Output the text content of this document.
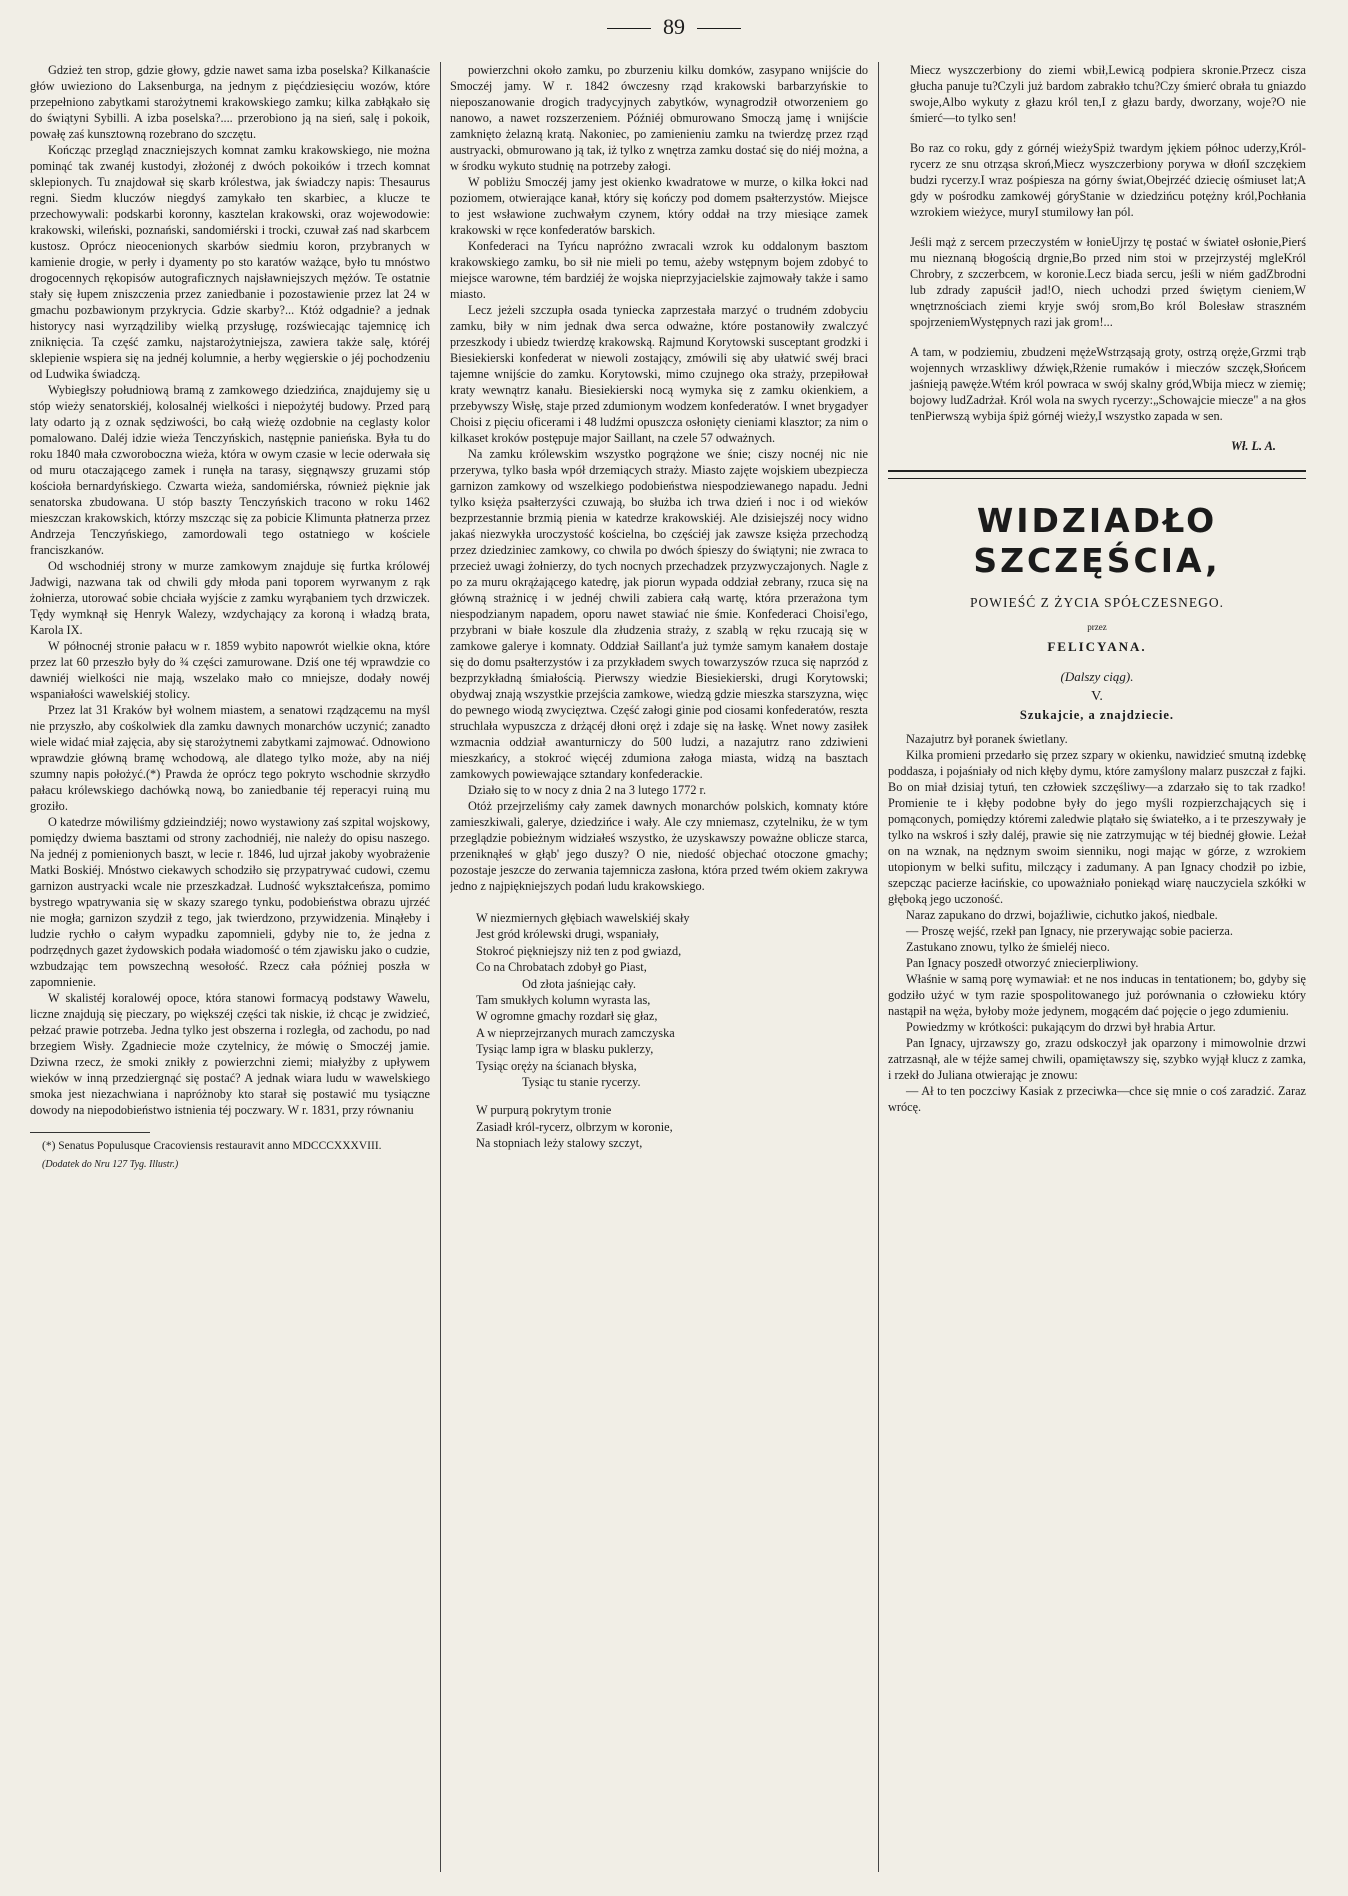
89

Gdzież ten strop, gdzie głowy, gdzie nawet sama izba poselska? Kilkanaście głów uwieziono do Laksenburga, na jednym z pięćdziesięciu wozów, które przepełniono zabytkami starożytnemi krakowskiego zamku; kilka zabłąkało się do świątyni Sybilli. A izba poselska?.... przerobiono ją na sień, salę i pokoik, powałę zaś kunsztowną rozebrano do szczętu.

Kończąc przegląd znaczniejszych komnat zamku krakowskiego, nie można pominąć tak zwanéj kustodyi, złożonéj z dwóch pokoików i trzech komnat sklepionych. Tu znajdował się skarb królestwa, jak świadczy napis: Thesaurus regni. Siedm kluczów niegdyś zamykało ten skarbiec, a klucze te przechowywali: podskarbi koronny, kasztelan krakowski, oraz wojewodowie: krakowski, wileński, poznański, sandomiérski i trocki, czuwał zaś nad skarbcem kustosz. Oprócz nieocenionych skarbów siedmiu koron, przybranych w kamienie drogie, w perły i dyamenty po sto karatów ważące, było tu mnóstwo drogocennych rękopisów autograficznych najsławniejszych mężów. Te ostatnie stały się łupem zniszczenia przez zaniedbanie i pozostawienie przez lat 24 w gmachu pozbawionym przykrycia. Gdzie skarby?... Któż odgadnie? a jednak historycy nasi wyrządziliby wielką przysługę, rozświecając tajemnicę ich zniknięcia. Ta część zamku, najstarożytniejsza, zawiera także salę, któréj sklepienie wspiera się na jednéj kolumnie, a herby węgierskie o jéj pochodzeniu od Ludwika świadczą.

Wybiegłszy południową bramą z zamkowego dziedzińca, znajdujemy się u stóp wieży senatorskiéj, kolosalnéj wielkości i niepożytéj budowy. Przed parą laty odarto ją z oznak sędziwości, bo całą wieżę ozdobnie na ceglasty kolor pomalowano. Daléj idzie wieża Tenczyńskich, następnie panieńska. Była tu do roku 1840 mała czworoboczna wieża, która w owym czasie w lecie oderwała się od muru otaczającego zamek i runęła na tarasy, sięgnąwszy gruzami stóp kościoła bernardyńskiego. Czwarta wieża, sandomiérska, również pięknie jak senatorska zbudowana. U stóp baszty Tenczyńskich tracono w roku 1462 mieszczan krakowskich, którzy mszcząc się za pobicie Klimunta płatnerza przez Andrzeja Tenczyńskiego, zamordowali tego ostatniego w kościele franciszkanów.

Od wschodniéj strony w murze zamkowym znajduje się furtka królowéj Jadwigi, nazwana tak od chwili gdy młoda pani toporem wyrwanym z rąk żołnierza, utorować sobie chciała wyjście z zamku wyrąbaniem tych drzwiczek. Tędy wymknął się Henryk Walezy, wzdychający za koroną i władzą brata, Karola IX.

W północnéj stronie pałacu w r. 1859 wybito napowrót wielkie okna, które przez lat 60 przeszło były do ¾ części zamurowane. Dziś one téj wprawdzie co dawniéj wielkości nie mają, wszelako mało co mniejsze, dodały nowéj wspaniałości wawelskiéj stolicy.

Przez lat 31 Kraków był wolnem miastem, a senatowi rządzącemu na myśl nie przyszło, aby cośkolwiek dla zamku dawnych monarchów uczynić; zanadto wiele widać miał zajęcia, aby się starożytnemi zabytkami zajmować. Odnowiono wprawdzie główną bramę wchodową, ale dlatego tylko może, aby na niéj szumny napis położyć.(*) Prawda że oprócz tego pokryto wschodnie skrzydło pałacu królewskiego dachówką nową, bo zaniedbanie téj reperacyi ruiną mu groziło.

O katedrze mówiliśmy gdzieindziéj; nowo wystawiony zaś szpital wojskowy, pomiędzy dwiema basztami od strony zachodniéj, nie należy do opisu naszego. Na jednéj z pomienionych baszt, w lecie r. 1846, lud ujrzał jakoby wyobrażenie Matki Boskiéj. Mnóstwo ciekawych schodziło się przypatrywać cudowi, czemu garnizon austryacki wcale nie przeszkadzał. Ludność wykształceńsza, pomimo bystrego wpatrywania się w skazy szarego tynku, podobieństwa obrazu ujrzéć nie mogła; garnizon szydził z tego, jak twierdzono, przywidzenia. Minąłeby i ludzie rychło o całym wypadku zapomnieli, gdyby nie to, że jedna z podrzędnych gazet żydowskich podała wiadomość o tém zjawisku jako o cudzie, wzbudzając tem powszechną wesołość. Rzecz cała później poszła w zapomnienie.

W skalistéj koralowéj opoce, która stanowi formacyą podstawy Wawelu, liczne znajdują się pieczary, po większéj części tak niskie, iż chcąc je zwidzieć, pełzać prawie potrzeba. Jedna tylko jest obszerna i rozległa, od zachodu, po nad brzegiem Wisły. Zgadniecie może czytelnicy, że mówię o Smoczéj jamie. Dziwna rzecz, że smoki znikły z powierzchni ziemi; miałyżby z upływem wieków w inną przedziergnąć się postać? A jednak wiara ludu w wawelskiego smoka jest niezachwiana i napróżnoby kto starał się postawić mu tysiączne dowody na niepodobieństwo istnienia téj poczwary. W r. 1831, przy równaniu

(*) Senatus Populusque Cracoviensis restauravit anno MDCCCXXXVIII.

(Dodatek do Nru 127 Tyg. Illustr.)

powierzchni około zamku, po zburzeniu kilku domków, zasypano wnijście do Smoczéj jamy. W r. 1842 ówczesny rząd krakowski barbarzyńskie to nieposzanowanie drogich tradycyjnych zabytków, wynagrodził otworzeniem go nanowo, a nawet rozszerzeniem. Późniéj obmurowano Smoczą jamę i wnijście zamknięto żelazną kratą. Nakoniec, po zamienieniu zamku na twierdzę przez rząd austryacki, obmurowano ją tak, iż tylko z wnętrza zamku dostać się do niéj można, a w środku wykuto studnię na potrzeby załogi.

W pobliżu Smoczéj jamy jest okienko kwadratowe w murze, o kilka łokci nad poziomem, otwierające kanał, który się kończy pod domem psałterzystów. Miejsce to jest wsławione zuchwałym czynem, który oddał na trzy miesiące zamek krakowski w ręce konfederatów barskich.

Konfederaci na Tyńcu napróżno zwracali wzrok ku oddalonym basztom krakowskiego zamku, bo sił nie mieli po temu, ażeby wstępnym bojem zdobyć to miejsce warowne, tém bardziéj że wojska nieprzyjacielskie zajmowały także i samo miasto.

Lecz jeżeli szczupła osada tyniecka zaprzestała marzyć o trudném zdobyciu zamku, biły w nim jednak dwa serca odważne, które postanowiły zwalczyć przeszkody i ubiedz twierdzę krakowską. Rajmund Korytowski susceptant grodzki i Biesiekierski konfederat w niewoli zostający, zmówili się aby ułatwić swéj braci tajemne wnijście do zamku. Korytowski, mimo czujnego oka straży, przepiłował kraty wewnątrz kanału. Biesiekierski nocą wymyka się z zamku okienkiem, a przebywszy Wisłę, staje przed zdumionym wodzem konfederatów. I wnet brygadyer Choisi z pięciu oficerami i 48 ludźmi opuszcza osłonięty cieniami klasztor; za nim o kilkaset kroków postępuje major Saillant, na czele 57 odważnych.

Na zamku królewskim wszystko pogrążone we śnie; ciszy nocnéj nic nie przerywa, tylko basła wpół drzemiących straży. Miasto zajęte wojskiem ubezpiecza garnizon zamkowy od wszelkiego podobieństwa niespodziewanego napadu. Jedni tylko księża psałterzyści czuwają, bo służba ich trwa dzień i noc i od wieków bezprzestannie brzmią pienia w katedrze krakowskiéj. Ale dzisiejszéj nocy widno jakaś niezwykła uroczystość kościelna, bo częściéj jak zawsze księża przechodzą przez dziedziniec zamkowy, co chwila po dwóch śpieszy do świątyni; nie zwraca to przecież uwagi żołnierzy, do tych nocnych przechadzek przyzwyczajonych. Nagle z po za muru okrążającego katedrę, jak piorun wypada oddział zebrany, rzuca się na główną strażnicę i w jednéj chwili zabiera całą wartę, która przerażona tym niespodzianym napadem, oporu nawet stawiać nie śmie. Konfederaci Choisi'ego, przybrani w białe koszule dla złudzenia straży, z szablą w ręku rzucają się w zamkowe galerye i komnaty. Oddział Saillant'a już tymże samym kanałem dostaje się do domu psałterzystów i za przykładem swych towarzyszów rzuca się naprzód z bezprzykładną śmiałością. Pierwszy wiedzie Biesiekierski, drugi Korytowski; obydwaj znają wszystkie przejścia zamkowe, wiedzą gdzie mieszka starszyzna, więc do pewnego wiodą zwycięztwa. Część załogi ginie pod ciosami konfederatów, reszta struchlała wypuszcza z drżącéj dłoni oręż i zdaje się na łaskę. Wnet nowy zasiłek wzmacnia oddział awanturniczy do 500 ludzi, a nazajutrz rano zdziwieni mieszkańcy, a stokroć więcéj zdumiona załoga miasta, widzą na basztach zamkowych powiewające sztandary konfederackie.

Działo się to w nocy z dnia 2 na 3 lutego 1772 r.

Otóż przejrzeliśmy cały zamek dawnych monarchów polskich, komnaty które zamieszkiwali, galerye, dziedzińce i wały. Ale czy mniemasz, czytelniku, że w tym przeglądzie pobieżnym widziałeś wszystko, że uzyskawszy poważne oblicze starca, przeniknąłeś w głąb' jego duszy? O nie, niedość objechać otoczone gmachy; pozostaje jeszcze do zerwania tajemnicza zasłona, która przed twém okiem zakrywa jedno z najpiękniejszych podań ludu krakowskiego.

W niezmiernych głębiach wawelskiéj skały
Jest gród królewski drugi, wspaniały,
Stokroć piękniejszy niż ten z pod gwiazd,
Co na Chrobatach zdobył go Piast,
Od złota jaśniejąc cały.
Tam smukłych kolumn wyrasta las,
W ogromne gmachy rozdarł się głaz,
A w nieprzejrzanych murach zamczyska
Tysiąc lamp igra w blasku puklerzy,
Tysiąc oręży na ścianach błyska,
Tysiąc tu stanie rycerzy.
W purpurą pokrytym tronie
Zasiadł król-rycerz, olbrzym w koronie,
Na stopniach leży stalowy szczyt,
Miecz wyszczerbiony do ziemi wbił,Lewicą podpiera skronie.Przecz cisza głucha panuje tu?Czyli już bardom zabrakło tchu?Czy śmierć obrała tu gniazdo swoje,Albo wykuty z głazu król ten,I z głazu bardy, dworzany, woje?O nie śmierć—to tylko sen!
Bo raz co roku, gdy z górnéj wieżySpiż twardym jękiem północ uderzy,Król-rycerz ze snu otrząsa skroń,Miecz wyszczerbiony porywa w dłońI szczękiem budzi rycerzy.I wraz pośpiesza na górny świat,Obejrzéć dziecię ośmiuset lat;A gdy w pośrodku zamkowéj góryStanie w dziedzińcu potężny król,Pochłania wzrokiem wieżyce, muryI stumilowy łan pól.
Jeśli mąż z sercem przeczystém w łonieUjrzy tę postać w świateł osłonie,Pierś mu nieznaną błogością drgnie,Bo przed nim stoi w przejrzystéj mgleKról Chrobry, z szczerbcem, w koronie.Lecz biada sercu, jeśli w niém gadZbrodni lub zdrady zapuścił jad!O, niech uchodzi przed świętym cieniem,W wnętrznościach ziemi kryje swój srom,Bo król Bolesław straszném spojrzeniemWystępnych razi jak grom!...
A tam, w podziemiu, zbudzeni mężeWstrząsają groty, ostrzą oręże,Grzmi trąb wojennych wrzaskliwy dźwięk,Rżenie rumaków i mieczów szczęk,Słońcem jaśnieją pawęże.Wtém król powraca w swój skalny gród,Wbija miecz w ziemię; bojowy ludZadrżał. Król wola na swych rycerzy:„Schowajcie miecze" a na głos tenPierwszą wybija śpiż górnéj wieży,I wszystko zapada w sen.

Wł. L. A.

WIDZIADŁO SZCZĘŚCIA,

POWIEŚĆ Z ŻYCIA SPÓŁCZESNEGO.

przez

FELICYANA.

(Dalszy ciąg).

V.

Szukajcie, a znajdziecie.

Nazajutrz był poranek świetlany.

Kilka promieni przedarło się przez szpary w okienku, nawidzieć smutną izdebkę poddasza, i pojaśniały od nich kłęby dymu, które zamyślony malarz puszczał z fajki. Bo on miał dzisiaj tytuń, ten człowiek szczęśliwy—a zdarzało się to tak rzadko! Promienie te i kłęby podobne były do jego myśli rozpierzchających się i pomąconych, pomiędzy któremi zaledwie plątało się światełko, a i te przeszywały je tylko na wskroś i szły daléj, prawie się nie zatrzymując w téj biednéj głowie. Leżał on na wznak, na nędznym swoim sienniku, nogi mając w górze, z wzrokiem utopionym w belki sufitu, milczący i zadumany. A pan Ignacy chodził po izbie, szepcząc pacierze łacińskie, co upoważniało poniekąd wiarę nauczyciela szkółki w głęboką jego uczoność.

Naraz zapukano do drzwi, bojaźliwie, cichutko jakoś, niedbale.

— Proszę wejść, rzekł pan Ignacy, nie przerywając sobie pacierza.

Zastukano znowu, tylko że śmieléj nieco.

Pan Ignacy poszedł otworzyć zniecierpliwiony.

Właśnie w samą porę wymawiał: et ne nos inducas in tentationem; bo, gdyby się godziło użyć w tym razie spospolitowanego już porównania o człowieku który nastąpił na węża, byłoby może jedynem, mogącém dać pojęcie o jego zdumieniu.

Powiedzmy w krótkości: pukającym do drzwi był hrabia Artur.

Pan Ignacy, ujrzawszy go, zrazu odskoczył jak oparzony i mimowolnie drzwi zatrzasnął, ale w téjże samej chwili, opamiętawszy się, szybko wyjął klucz z zamka, i rzekł do Juliana otwierając je znowu:

— Ał to ten poczciwy Kasiak z przeciwka—chce się mnie o coś zaradzić. Zaraz wrócę.
